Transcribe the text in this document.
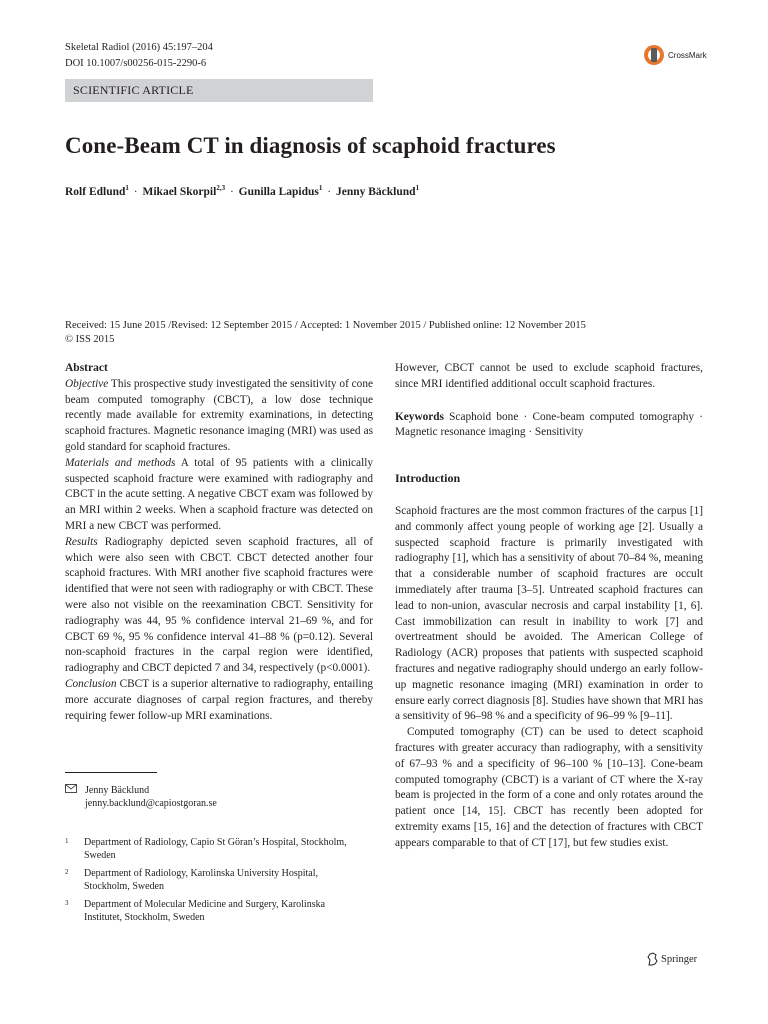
Skeletal Radiol (2016) 45:197–204
DOI 10.1007/s00256-015-2290-6
CrossMark
SCIENTIFIC ARTICLE
Cone-Beam CT in diagnosis of scaphoid fractures
Rolf Edlund$^1$ · Mikael Skorpil$^{2,3}$ · Gunilla Lapidus$^1$ · Jenny Bäcklund$^1$
Received: 15 June 2015 /Revised: 12 September 2015 / Accepted: 1 November 2015 / Published online: 12 November 2015
© ISS 2015

Abstract

Objective This prospective study investigated the sensitivity of cone beam computed tomography (CBCT), a low dose technique recently made available for extremity examinations, in detecting scaphoid fractures. Magnetic resonance imaging (MRI) was used as gold standard for scaphoid fractures.

Materials and methods A total of 95 patients with a clinically suspected scaphoid fracture were examined with radiography and CBCT in the acute setting. A negative CBCT exam was followed by an MRI within 2 weeks. When a scaphoid fracture was detected on MRI a new CBCT was performed.

Results Radiography depicted seven scaphoid fractures, all of which were also seen with CBCT. CBCT detected another four scaphoid fractures. With MRI another five scaphoid fractures were identified that were not seen with radiography or with CBCT. These were also not visible on the reexamination CBCT. Sensitivity for radiography was 44, 95 % confidence interval 21–69 %, and for CBCT 69 %, 95 % confidence interval 41–88 % (p=0.12). Several non-scaphoid fractures in the carpal region were identified, radiography and CBCT depicted 7 and 34, respectively (p<0.0001).

Conclusion CBCT is a superior alternative to radiography, entailing more accurate diagnoses of carpal region fractures, and thereby requiring fewer follow-up MRI examinations.

Jenny Bäcklund
jenny.backlund@capiostgoran.se
1	Department of Radiology, Capio St Göran’s Hospital, Stockholm, Sweden
2	Department of Radiology, Karolinska University Hospital, Stockholm, Sweden
3	Department of Molecular Medicine and Surgery, Karolinska Institutet, Stockholm, Sweden

However, CBCT cannot be used to exclude scaphoid fractures, since MRI identified additional occult scaphoid fractures.

Keywords Scaphoid bone · Cone-beam computed tomography · Magnetic resonance imaging · Sensitivity

Introduction

Scaphoid fractures are the most common fractures of the carpus [1] and commonly affect young people of working age [2]. Usually a suspected scaphoid fracture is primarily investigated with radiography [1], which has a sensitivity of about 70–84 %, meaning that a considerable number of scaphoid fractures are occult immediately after trauma [3–5]. Untreated scaphoid fractures can lead to non-union, avascular necrosis and carpal instability [1, 6]. Cast immobilization can result in inability to work [7] and overtreatment should be avoided. The American College of Radiology (ACR) proposes that patients with suspected scaphoid fractures and negative radiography should undergo an early follow-up magnetic resonance imaging (MRI) examination in order to ensure early correct diagnosis [8]. Studies have shown that MRI has a sensitivity of 96–98 % and a specificity of 96–99 % [9–11].

Computed tomography (CT) can be used to detect scaphoid fractures with greater accuracy than radiography, with a sensitivity of 67–93 % and a specificity of 96–100 % [10–13]. Cone-beam computed tomography (CBCT) is a variant of CT where the X-ray beam is projected in the form of a cone and only rotates around the patient once [14, 15]. CBCT has recently been adopted for extremity exams [15, 16] and the detection of fractures with CBCT appears comparable to that of CT [17], but few studies exist.

Springer
